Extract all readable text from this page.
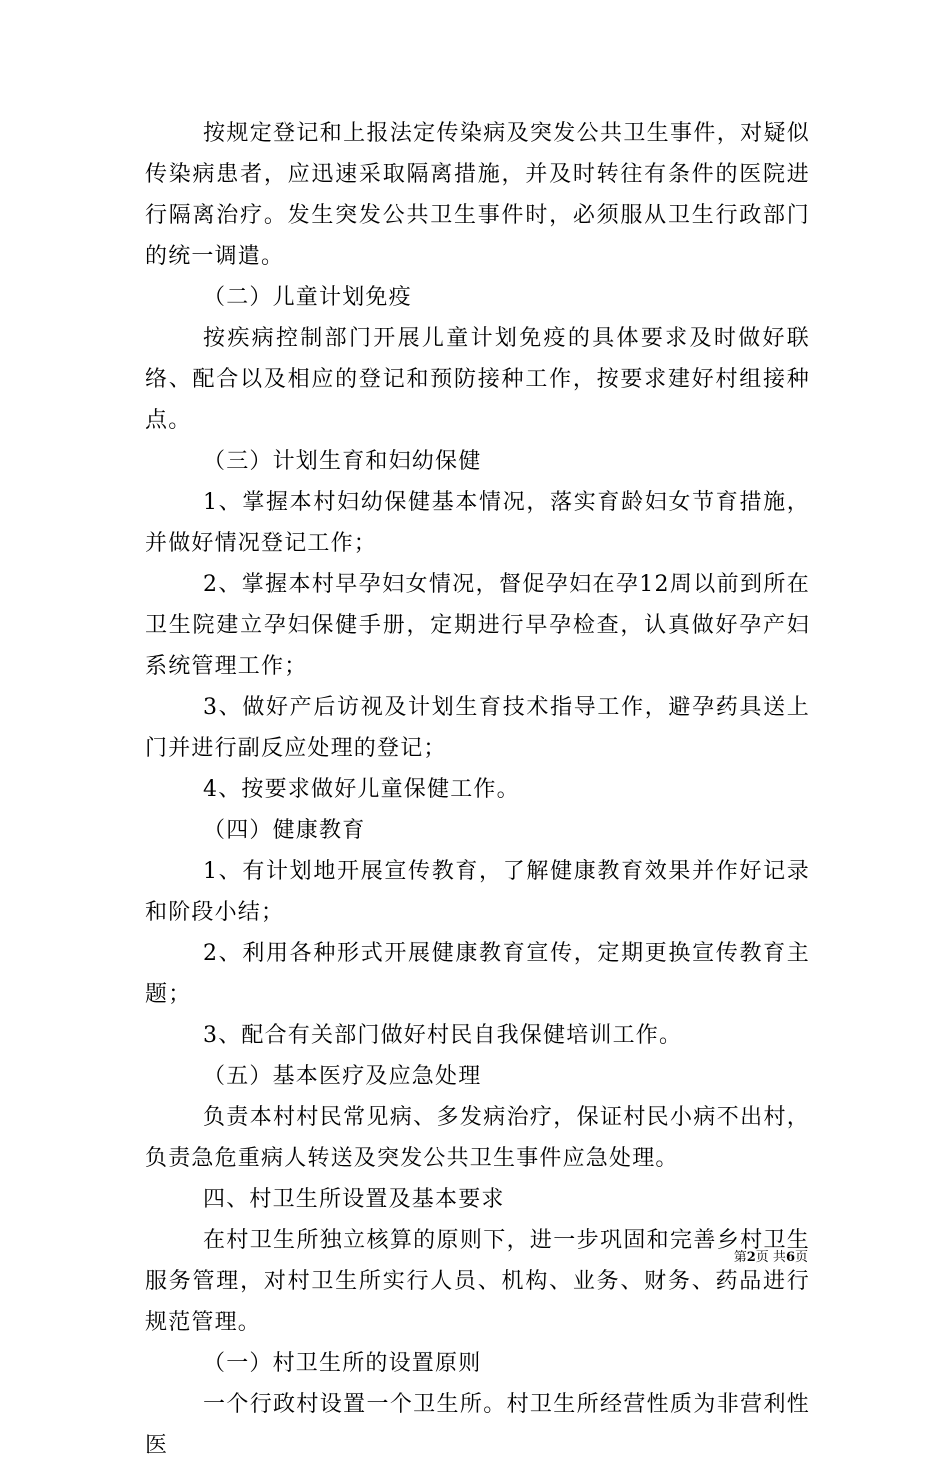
按规定登记和上报法定传染病及突发公共卫生事件，对疑似传染病患者，应迅速采取隔离措施，并及时转往有条件的医院进行隔离治疗。发生突发公共卫生事件时，必须服从卫生行政部门的统一调遣。

（二）儿童计划免疫

按疾病控制部门开展儿童计划免疫的具体要求及时做好联络、配合以及相应的登记和预防接种工作，按要求建好村组接种点。

（三）计划生育和妇幼保健

1、掌握本村妇幼保健基本情况，落实育龄妇女节育措施，并做好情况登记工作；

2、掌握本村早孕妇女情况，督促孕妇在孕12周以前到所在卫生院建立孕妇保健手册，定期进行早孕检查，认真做好孕产妇系统管理工作；

3、做好产后访视及计划生育技术指导工作，避孕药具送上门并进行副反应处理的登记；

4、按要求做好儿童保健工作。

（四）健康教育

1、有计划地开展宣传教育，了解健康教育效果并作好记录和阶段小结；

2、利用各种形式开展健康教育宣传，定期更换宣传教育主题；

3、配合有关部门做好村民自我保健培训工作。

（五）基本医疗及应急处理

负责本村村民常见病、多发病治疗，保证村民小病不出村，负责急危重病人转送及突发公共卫生事件应急处理。

四、村卫生所设置及基本要求

在村卫生所独立核算的原则下，进一步巩固和完善乡村卫生服务管理，对村卫生所实行人员、机构、业务、财务、药品进行规范管理。

（一）村卫生所的设置原则

一个行政村设置一个卫生所。村卫生所经营性质为非营利性医

第2页 共6页
